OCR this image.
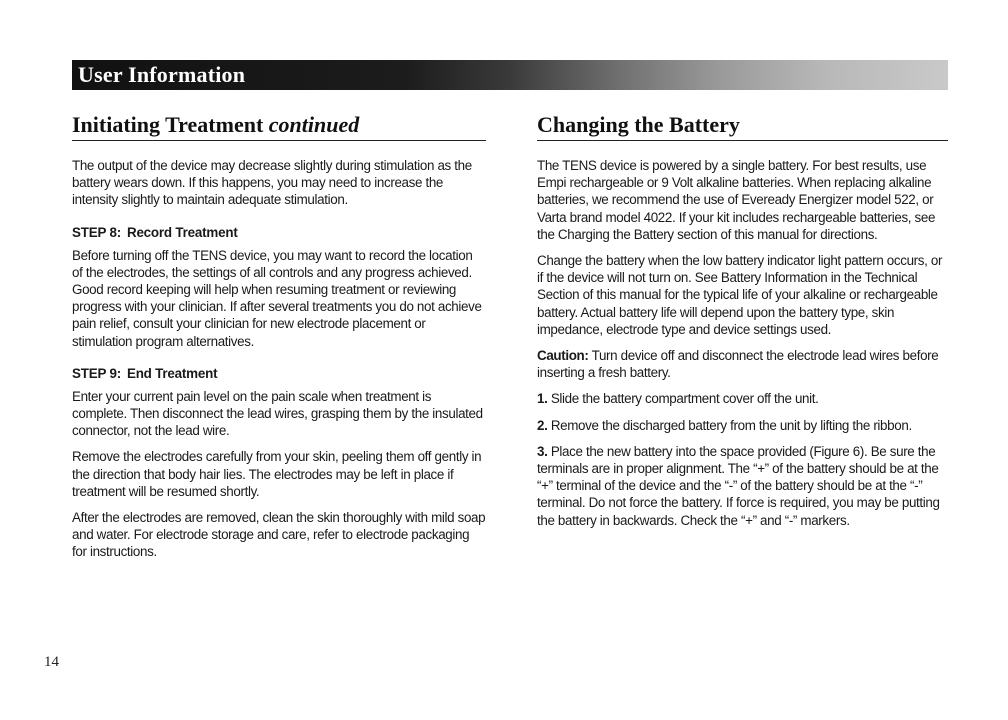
User Information
Initiating Treatment continued

The output of the device may decrease slightly during stimulation as the battery wears down. If this happens, you may need to increase the intensity slightly to maintain adequate stimulation.

STEP 8: Record Treatment

Before turning off the TENS device, you may want to record the location of the electrodes, the settings of all controls and any progress achieved. Good record keeping will help when resuming treatment or reviewing progress with your clinician. If after several treatments you do not achieve pain relief, consult your clinician for new electrode placement or stimulation program alternatives.

STEP 9: End Treatment

Enter your current pain level on the pain scale when treatment is complete. Then disconnect the lead wires, grasping them by the insulated connector, not the lead wire.

Remove the electrodes carefully from your skin, peeling them off gently in the direction that body hair lies. The electrodes may be left in place if treatment will be resumed shortly.

After the electrodes are removed, clean the skin thoroughly with mild soap and water. For electrode storage and care, refer to electrode packaging for instructions.

Changing the Battery

The TENS device is powered by a single battery. For best results, use Empi rechargeable or 9 Volt alkaline batteries. When replacing alkaline batteries, we recommend the use of Eveready Energizer model 522, or Varta brand model 4022. If your kit includes rechargeable batteries, see the Charging the Battery section of this manual for directions.

Change the battery when the low battery indicator light pattern occurs, or if the device will not turn on. See Battery Information in the Technical Section of this manual for the typical life of your alkaline or rechargeable battery. Actual battery life will depend upon the battery type, skin impedance, electrode type and device settings used.

Caution: Turn device off and disconnect the electrode lead wires before inserting a fresh battery.

1. Slide the battery compartment cover off the unit.

2. Remove the discharged battery from the unit by lifting the ribbon.

3. Place the new battery into the space provided (Figure 6). Be sure the terminals are in proper alignment. The “+” of the battery should be at the “+” terminal of the device and the “-” of the battery should be at the “-” terminal. Do not force the battery. If force is required, you may be putting the battery in backwards. Check the “+” and “-” markers.

14
